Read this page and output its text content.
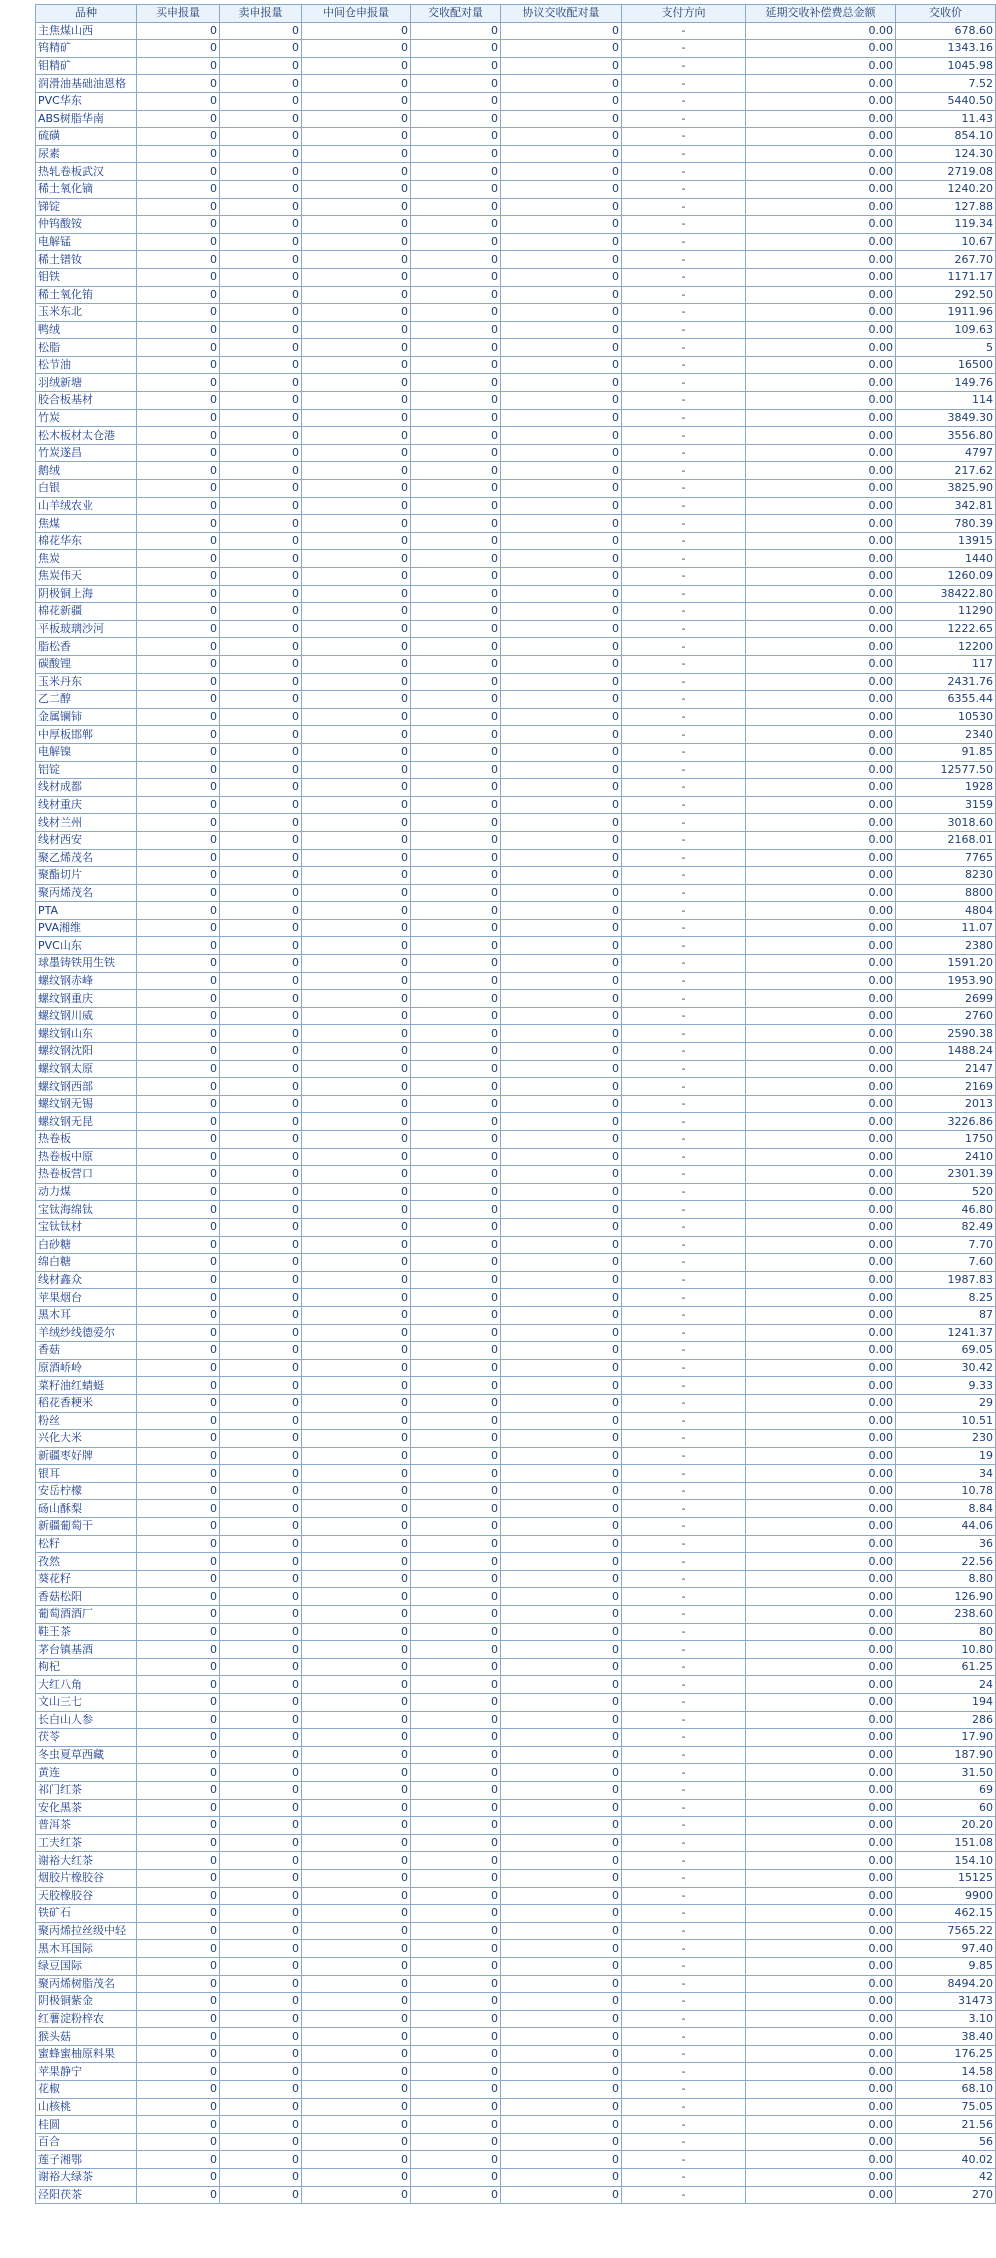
品种	买申报量	卖申报量	中间仓申报量	交收配对量	协议交收配对量	支付方向	延期交收补偿费总金额	交收价
主焦煤山西	0	0	0	0	0	-	0.00	678.60
钨精矿	0	0	0	0	0	-	0.00	1343.16
钼精矿	0	0	0	0	0	-	0.00	1045.98
润滑油基础油恩格	0	0	0	0	0	-	0.00	7.52
PVC华东	0	0	0	0	0	-	0.00	5440.50
ABS树脂华南	0	0	0	0	0	-	0.00	11.43
硫磺	0	0	0	0	0	-	0.00	854.10
尿素	0	0	0	0	0	-	0.00	124.30
热轧卷板武汉	0	0	0	0	0	-	0.00	2719.08
稀土氧化镝	0	0	0	0	0	-	0.00	1240.20
锑锭	0	0	0	0	0	-	0.00	127.88
仲钨酸铵	0	0	0	0	0	-	0.00	119.34
电解锰	0	0	0	0	0	-	0.00	10.67
稀土镨钕	0	0	0	0	0	-	0.00	267.70
钼铁	0	0	0	0	0	-	0.00	1171.17
稀土氧化铕	0	0	0	0	0	-	0.00	292.50
玉米东北	0	0	0	0	0	-	0.00	1911.96
鸭绒	0	0	0	0	0	-	0.00	109.63
松脂	0	0	0	0	0	-	0.00	5
松节油	0	0	0	0	0	-	0.00	16500
羽绒新塘	0	0	0	0	0	-	0.00	149.76
胶合板基材	0	0	0	0	0	-	0.00	114
竹炭	0	0	0	0	0	-	0.00	3849.30
松木板材太仓港	0	0	0	0	0	-	0.00	3556.80
竹炭遂昌	0	0	0	0	0	-	0.00	4797
鹅绒	0	0	0	0	0	-	0.00	217.62
白银	0	0	0	0	0	-	0.00	3825.90
山羊绒农业	0	0	0	0	0	-	0.00	342.81
焦煤	0	0	0	0	0	-	0.00	780.39
棉花华东	0	0	0	0	0	-	0.00	13915
焦炭	0	0	0	0	0	-	0.00	1440
焦炭伟天	0	0	0	0	0	-	0.00	1260.09
阴极铜上海	0	0	0	0	0	-	0.00	38422.80
棉花新疆	0	0	0	0	0	-	0.00	11290
平板玻璃沙河	0	0	0	0	0	-	0.00	1222.65
脂松香	0	0	0	0	0	-	0.00	12200
碳酸锂	0	0	0	0	0	-	0.00	117
玉米丹东	0	0	0	0	0	-	0.00	2431.76
乙二醇	0	0	0	0	0	-	0.00	6355.44
金属镧铈	0	0	0	0	0	-	0.00	10530
中厚板邯郸	0	0	0	0	0	-	0.00	2340
电解镍	0	0	0	0	0	-	0.00	91.85
铝锭	0	0	0	0	0	-	0.00	12577.50
线材成都	0	0	0	0	0	-	0.00	1928
线材重庆	0	0	0	0	0	-	0.00	3159
线材兰州	0	0	0	0	0	-	0.00	3018.60
线材西安	0	0	0	0	0	-	0.00	2168.01
聚乙烯茂名	0	0	0	0	0	-	0.00	7765
聚酯切片	0	0	0	0	0	-	0.00	8230
聚丙烯茂名	0	0	0	0	0	-	0.00	8800
PTA	0	0	0	0	0	-	0.00	4804
PVA湘维	0	0	0	0	0	-	0.00	11.07
PVC山东	0	0	0	0	0	-	0.00	2380
球墨铸铁用生铁	0	0	0	0	0	-	0.00	1591.20
螺纹钢赤峰	0	0	0	0	0	-	0.00	1953.90
螺纹钢重庆	0	0	0	0	0	-	0.00	2699
螺纹钢川威	0	0	0	0	0	-	0.00	2760
螺纹钢山东	0	0	0	0	0	-	0.00	2590.38
螺纹钢沈阳	0	0	0	0	0	-	0.00	1488.24
螺纹钢太原	0	0	0	0	0	-	0.00	2147
螺纹钢西部	0	0	0	0	0	-	0.00	2169
螺纹钢无锡	0	0	0	0	0	-	0.00	2013
螺纹钢无昆	0	0	0	0	0	-	0.00	3226.86
热卷板	0	0	0	0	0	-	0.00	1750
热卷板中原	0	0	0	0	0	-	0.00	2410
热卷板营口	0	0	0	0	0	-	0.00	2301.39
动力煤	0	0	0	0	0	-	0.00	520
宝钛海绵钛	0	0	0	0	0	-	0.00	46.80
宝钛钛材	0	0	0	0	0	-	0.00	82.49
白砂糖	0	0	0	0	0	-	0.00	7.70
绵白糖	0	0	0	0	0	-	0.00	7.60
线材鑫众	0	0	0	0	0	-	0.00	1987.83
苹果烟台	0	0	0	0	0	-	0.00	8.25
黑木耳	0	0	0	0	0	-	0.00	87
羊绒纱线德爱尔	0	0	0	0	0	-	0.00	1241.37
香菇	0	0	0	0	0	-	0.00	69.05
原酒峤岭	0	0	0	0	0	-	0.00	30.42
菜籽油红蜻蜓	0	0	0	0	0	-	0.00	9.33
稻花香粳米	0	0	0	0	0	-	0.00	29
粉丝	0	0	0	0	0	-	0.00	10.51
兴化大米	0	0	0	0	0	-	0.00	230
新疆枣好牌	0	0	0	0	0	-	0.00	19
银耳	0	0	0	0	0	-	0.00	34
安岳柠檬	0	0	0	0	0	-	0.00	10.78
砀山酥梨	0	0	0	0	0	-	0.00	8.84
新疆葡萄干	0	0	0	0	0	-	0.00	44.06
松籽	0	0	0	0	0	-	0.00	36
孜然	0	0	0	0	0	-	0.00	22.56
葵花籽	0	0	0	0	0	-	0.00	8.80
香菇松阳	0	0	0	0	0	-	0.00	126.90
葡萄酒酒厂	0	0	0	0	0	-	0.00	238.60
鞋王茶	0	0	0	0	0	-	0.00	80
茅台镇基酒	0	0	0	0	0	-	0.00	10.80
枸杞	0	0	0	0	0	-	0.00	61.25
大红八角	0	0	0	0	0	-	0.00	24
文山三七	0	0	0	0	0	-	0.00	194
长白山人参	0	0	0	0	0	-	0.00	286
茯苓	0	0	0	0	0	-	0.00	17.90
冬虫夏草西藏	0	0	0	0	0	-	0.00	187.90
黄连	0	0	0	0	0	-	0.00	31.50
祁门红茶	0	0	0	0	0	-	0.00	69
安化黑茶	0	0	0	0	0	-	0.00	60
普洱茶	0	0	0	0	0	-	0.00	20.20
工夫红茶	0	0	0	0	0	-	0.00	151.08
谢裕大红茶	0	0	0	0	0	-	0.00	154.10
烟胶片橡胶谷	0	0	0	0	0	-	0.00	15125
天胶橡胶谷	0	0	0	0	0	-	0.00	9900
铁矿石	0	0	0	0	0	-	0.00	462.15
聚丙烯拉丝级中轻	0	0	0	0	0	-	0.00	7565.22
黑木耳国际	0	0	0	0	0	-	0.00	97.40
绿豆国际	0	0	0	0	0	-	0.00	9.85
聚丙烯树脂茂名	0	0	0	0	0	-	0.00	8494.20
阴极铜紫金	0	0	0	0	0	-	0.00	31473
红薯淀粉梓农	0	0	0	0	0	-	0.00	3.10
猴头菇	0	0	0	0	0	-	0.00	38.40
蜜蜂蜜柚原料果	0	0	0	0	0	-	0.00	176.25
苹果静宁	0	0	0	0	0	-	0.00	14.58
花椒	0	0	0	0	0	-	0.00	68.10
山核桃	0	0	0	0	0	-	0.00	75.05
桂圆	0	0	0	0	0	-	0.00	21.56
百合	0	0	0	0	0	-	0.00	56
莲子湘鄂	0	0	0	0	0	-	0.00	40.02
谢裕大绿茶	0	0	0	0	0	-	0.00	42
泾阳茯茶	0	0	0	0	0	-	0.00	270
